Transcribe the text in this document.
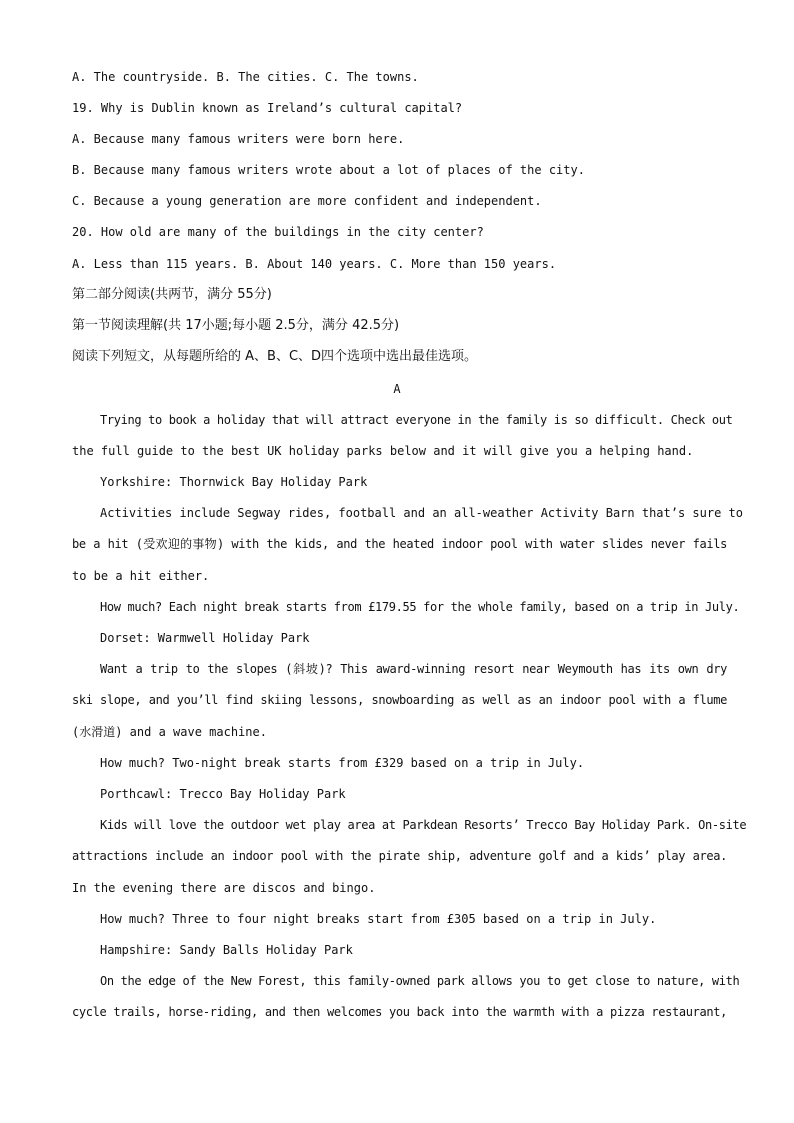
A. The countryside. B. The cities. C. The towns.
19. Why is Dublin known as Ireland’s cultural capital?
A. Because many famous writers were born here.
B. Because many famous writers wrote about a lot of places of the city.
C. Because a young generation are more confident and independent.
20. How old are many of the buildings in the city center?
A. Less than 115 years. B. About 140 years. C. More than 150 years.
第二部分阅读(共两节，满分 55分)
第一节阅读理解(共 17小题;每小题 2.5分，满分 42.5分)
阅读下列短文，从每题所给的 A、B、C、D四个选项中选出最佳选项。
A
Trying to book a holiday that will attract everyone in the family is so difficult. Check out
the full guide to the best UK holiday parks below and it will give you a helping hand.
Yorkshire: Thornwick Bay Holiday Park
Activities include Segway rides, football and an all-weather Activity Barn that’s sure to
be a hit (受欢迎的事物) with the kids, and the heated indoor pool with water slides never fails
to be a hit either.
How much? Each night break starts from £179.55 for the whole family, based on a trip in July.
Dorset: Warmwell Holiday Park
Want a trip to the slopes (斜坡)? This award-winning resort near Weymouth has its own dry
ski slope, and you’ll find skiing lessons, snowboarding as well as an indoor pool with a flume
(水滑道) and a wave machine.
How much? Two-night break starts from £329 based on a trip in July.
Porthcawl: Trecco Bay Holiday Park
Kids will love the outdoor wet play area at Parkdean Resorts’ Trecco Bay Holiday Park. On-site
attractions include an indoor pool with the pirate ship, adventure golf and a kids’ play area.
In the evening there are discos and bingo.
How much? Three to four night breaks start from £305 based on a trip in July.
Hampshire: Sandy Balls Holiday Park
On the edge of the New Forest, this family-owned park allows you to get close to nature, with
cycle trails, horse-riding, and then welcomes you back into the warmth with a pizza restaurant,
